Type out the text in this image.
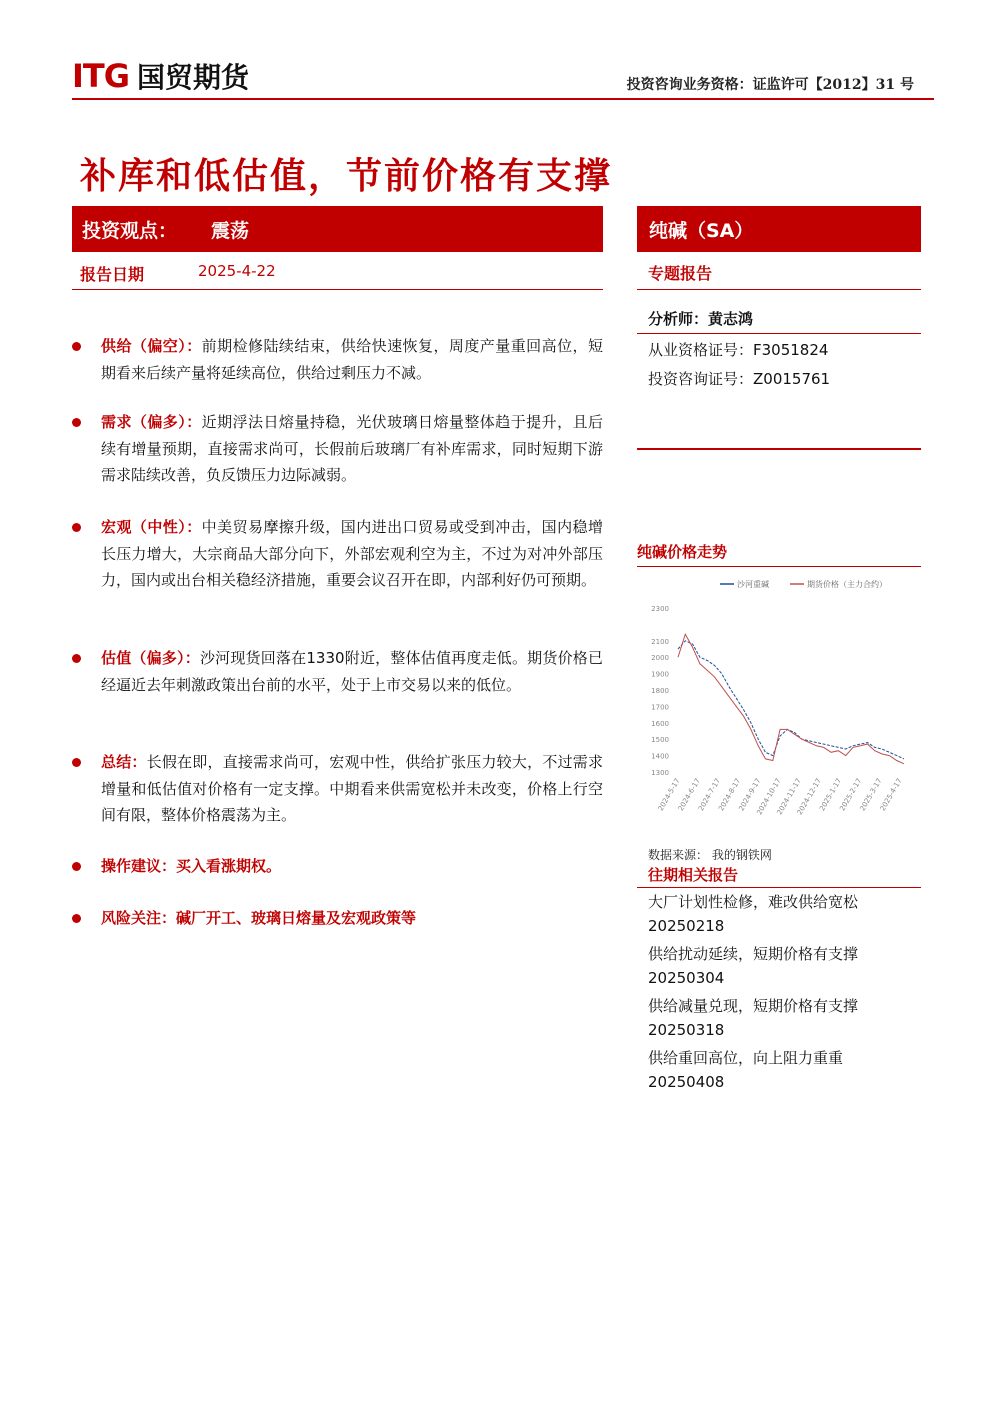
ITG 国贸期货	投资咨询业务资格：证监许可【2012】31 号
补库和低估值，节前价格有支撑
投资观点： 震荡
报告日期	2025-4-22
供给（偏空）：前期检修陆续结束，供给快速恢复，周度产量重回高位，短期看来后续产量将延续高位，供给过剩压力不减。
需求（偏多）：近期浮法日熔量持稳，光伏玻璃日熔量整体趋于提升，且后续有增量预期，直接需求尚可，长假前后玻璃厂有补库需求，同时短期下游需求陆续改善，负反馈压力边际减弱。
宏观（中性）：中美贸易摩擦升级，国内进出口贸易或受到冲击，国内稳增长压力增大，大宗商品大部分向下，外部宏观利空为主，不过为对冲外部压力，国内或出台相关稳经济措施，重要会议召开在即，内部利好仍可预期。
估值（偏多）：沙河现货回落在1330附近，整体估值再度走低。期货价格已经逼近去年刺激政策出台前的水平，处于上市交易以来的低位。
总结：长假在即，直接需求尚可，宏观中性，供给扩张压力较大，不过需求增量和低估值对价格有一定支撑。中期看来供需宽松并未改变，价格上行空间有限，整体价格震荡为主。
操作建议：买入看涨期权。
风险关注：碱厂开工、玻璃日熔量及宏观政策等
纯碱（SA）
专题报告
分析师：黄志鸿
从业资格证号：F3051824
投资咨询证号：Z0015761
纯碱价格走势
沙河重碱	期货价格（主力合约）
2300
2100
2000
1900
1800
1700
1600
1500
1400
1300
2024-5-17
2024-6-17
2024-7-17
2024-8-17
2024-9-17
2024-10-17
2024-11-17
2024-12-17
2025-1-17
2025-2-17
2025-3-17
2025-4-17
数据来源： 我的钢铁网
往期相关报告
大厂计划性检修，难改供给宽松
20250218
供给扰动延续，短期价格有支撑
20250304
供给减量兑现，短期价格有支撑
20250318
供给重回高位，向上阻力重重
20250408
